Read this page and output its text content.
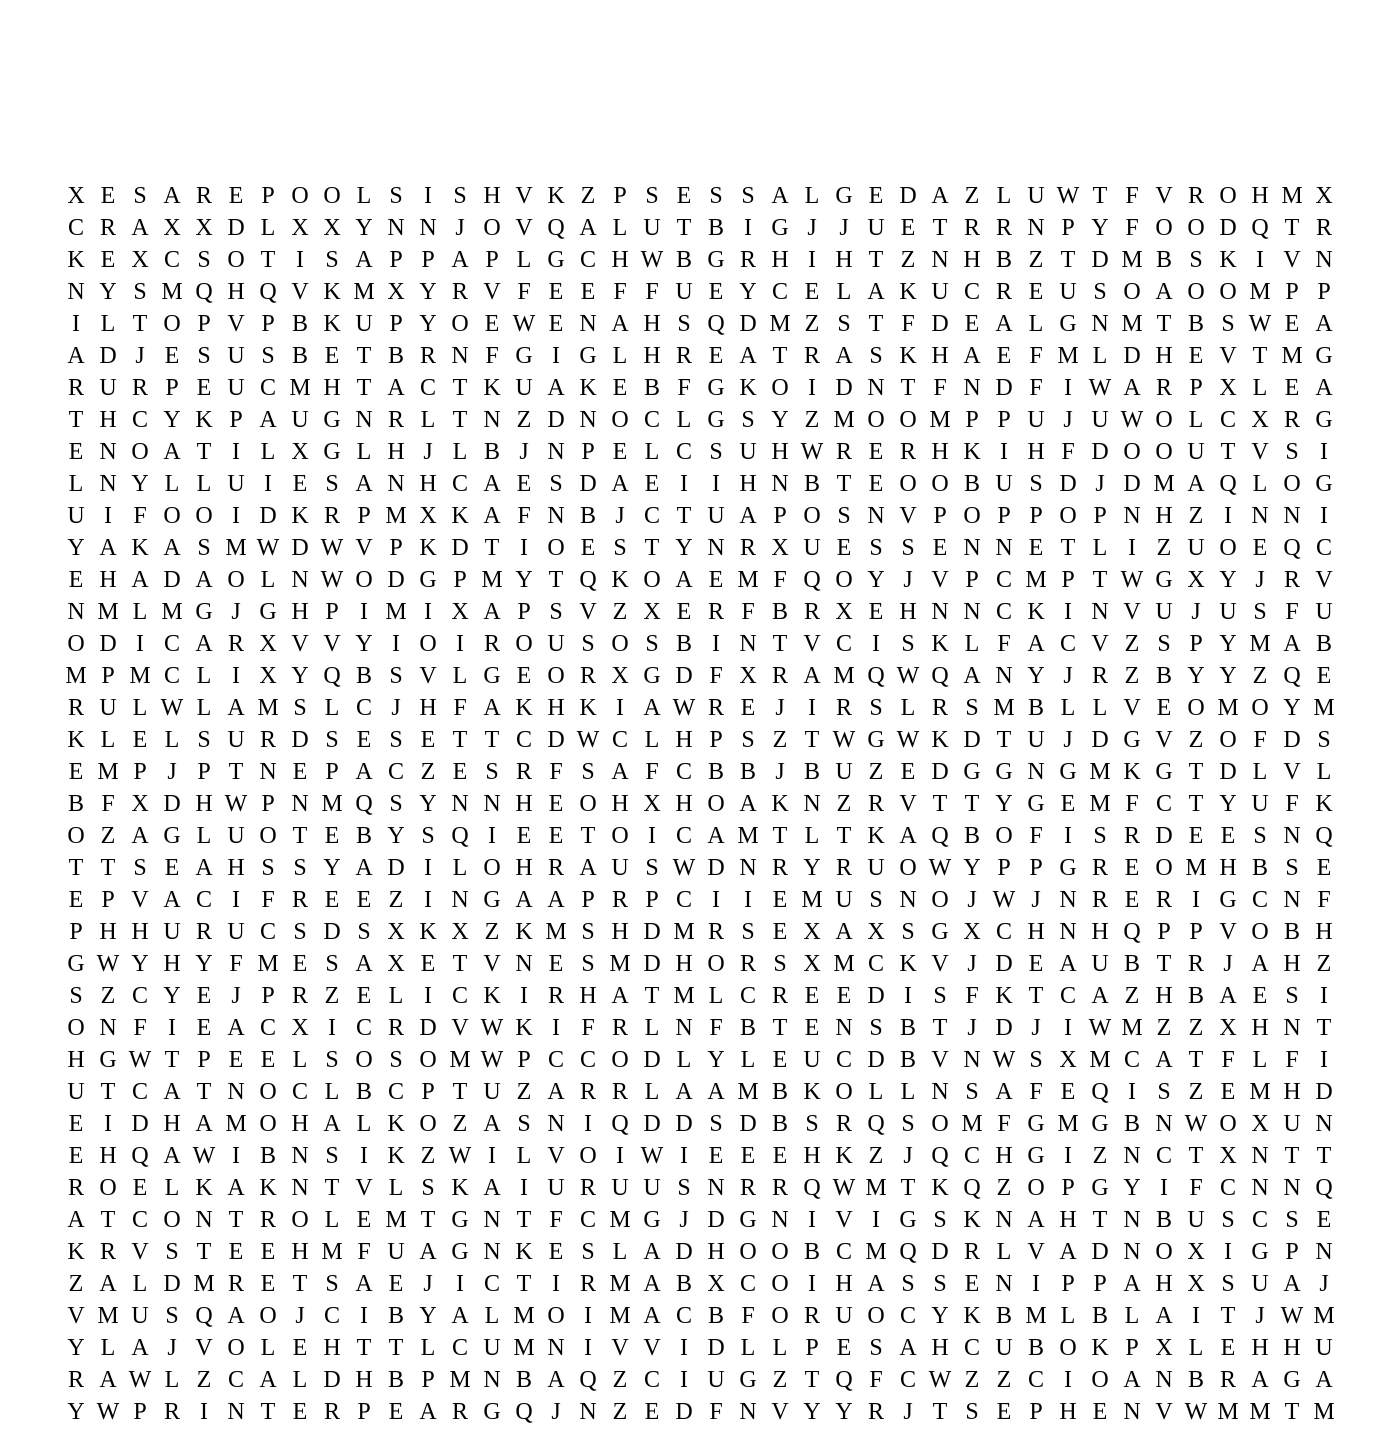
X E S A R E P O O L S I S H V K Z P S E S S A L G E D A Z L U W T F V R O H M X
C R A X X D L X X Y N N J O V Q A L U T B I G J J U E T R R N P Y F O O D Q T R
K E X C S O T I S A P P A P L G C H W B G R H I H T Z N H B Z T D M B S K I V N
N Y S M Q H Q V K M X Y R V F E E F F U E Y C E L A K U C R E U S O A O O M P P
I L T O P V P B K U P Y O E W E N A H S Q D M Z S T F D E A L G N M T B S W E A
A D J E S U S B E T B R N F G I G L H R E A T R A S K H A E F M L D H E V T M G
R U R P E U C M H T A C T K U A K E B F G K O I D N T F N D F I W A R P X L E A
T H C Y K P A U G N R L T N Z D N O C L G S Y Z M O O M P P U J U W O L C X R G
E N O A T I L X G L H J L B J N P E L C S U H W R E R H K I H F D O O U T V S I
L N Y L L U I E S A N H C A E S D A E I	I H N B T E O O B U S D J D M A Q L O G
U I F O O I D K R P M X K A F N B J C T U A P O S N V P O P P O P N H Z I N N I
Y A K A S M W D W V P K D T I O E S T Y N R X U E S S E N N E T L I Z U O E Q C
E H A D A O L N W O D G P M Y T Q K O A E M F Q O Y J V P C M P T W G X Y J R V
N M L M G J G H P I M I X A P S V Z X E R F B R X E H N N C K I N V U J U S F U
O D I C A R X V V Y I O I R O U S O S B I N T V C I S K L F A C V Z S P Y M A B
M P M C L I X Y Q B S V L G E O R X G D F X R A M Q W Q A N Y J R Z B Y Y Z Q E
R U L W L A M S L C J H F A K H K I A W R E J I R S L R S M B L L V E O M O Y M
K L E L S U R D S E S E T T C D W C L H P S Z T W G W K D T U J D G V Z O F D S
E M P J P T N E P A C Z E S R F S A F C B B J B U Z E D G G N G M K G T D L V L
B F X D H W P N M Q S Y N N H E O H X H O A K N Z R V T T Y G E M F C T Y U F K
O Z A G L U O T E B Y S Q I E E T O I C A M T L T K A Q B O F I S R D E E S N Q
T T S E A H S S Y A D I L O H R A U S W D N R Y R U O W Y P P G R E O M H B S E
E P V A C I F R E E Z I N G A A P R P C I	I E M U S N O J W J N R E R I G C N F
P H H U R U C S D S X K X Z K M S H D M R S E X A X S G X C H N H Q P P V O B H
G W Y H Y F M E S A X E T V N E S M D H O R S X M C K V J D E A U B T R J A H Z
S Z C Y E J P R Z E L I C K I R H A T M L C R E E D I S F K T C A Z H B A E S I
O N F I E A C X I C R D V W K I F R L N F B T E N S B T J D J I W M Z Z X H N T
H G W T P E E L S O S O M W P C C O D L Y L E U C D B V N W S X M C A T F L F I
U T C A T N O C L B C P T U Z A R R L A A M B K O L L N S A F E Q I S Z E M H D
E I D H A M O H A L K O Z A S N I Q D D S D B S R Q S O M F G M G B N W O X U N
E H Q A W I B N S I K Z W I L V O I W I E E E H K Z J Q C H G I Z N C T X N T T
R O E L K A K N T V L S K A I U R U U S N R R Q W M T K Q Z O P G Y I F C N N Q
A T C O N T R O L E M T G N T F C M G J D G N I V I G S K N A H T N B U S C S E
K R V S T E E H M F U A G N K E S L A D H O O B C M Q D R L V A D N O X I G P N
Z A L D M R E T S A E J I C T I R M A B X C O I H A S S E N I P P A H X S U A J
V M U S Q A O J C I B Y A L M O I M A C B F O R U O C Y K B M L B L A I T J W M
Y L A J V O L E H T T L C U M N I V V I D L L P E S A H C U B O K P X L E H H U
R A W L Z C A L D H B P M N B A Q Z C I U G Z T Q F C W Z Z C I O A N B R A G A
Y W P R I N T E R P E A R G Q J N Z E D F N V Y Y R J T S E P H E N V W M M T M
